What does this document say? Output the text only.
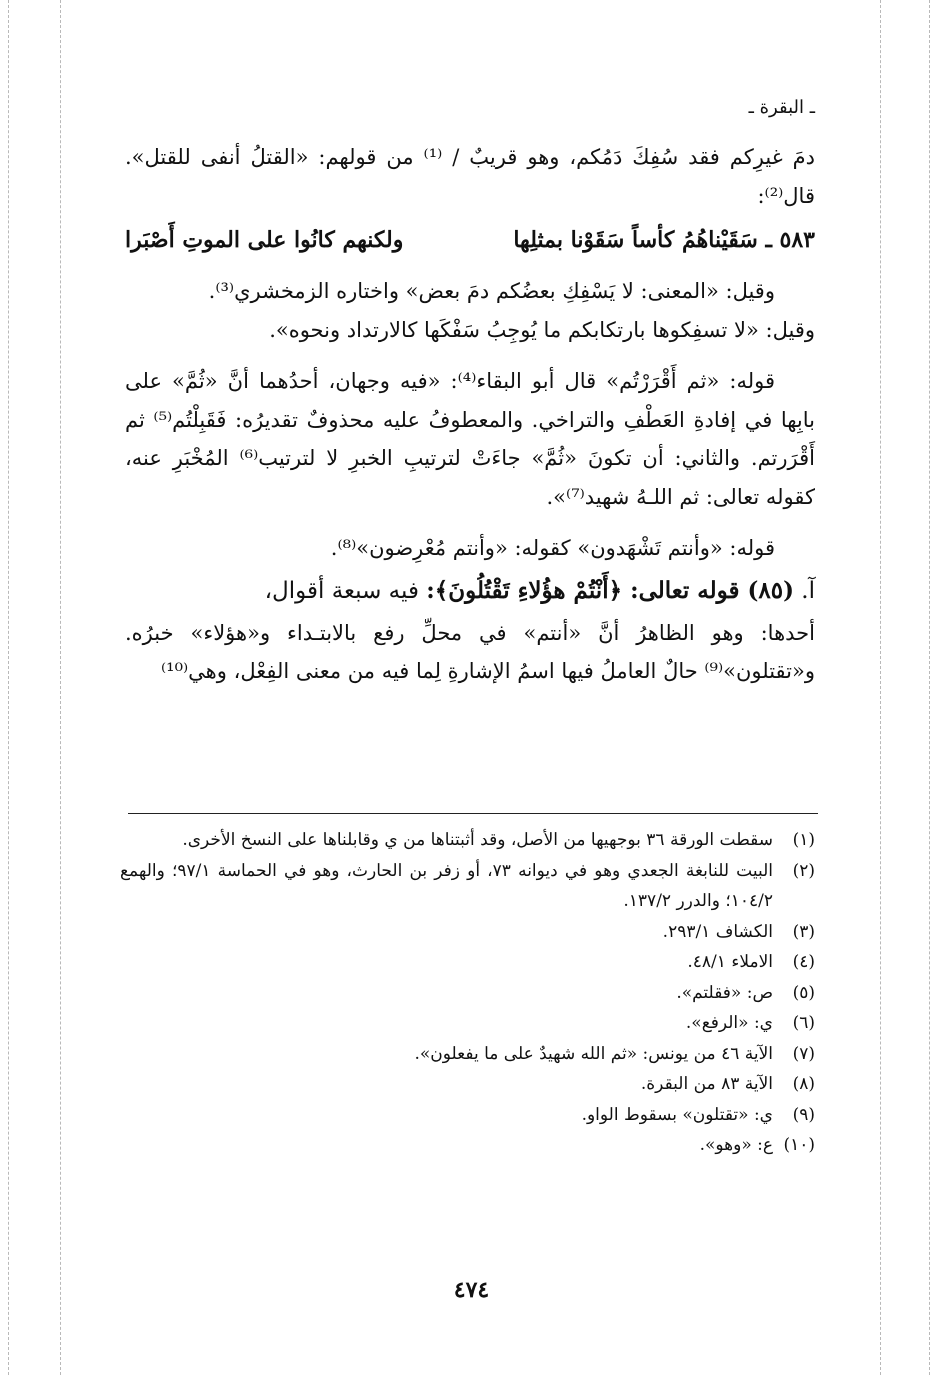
ـ البقرة ـ

دمَ غيرِكم فقد سُفِكَ دَمُكم، وهو قريبٌ / ⁽¹⁾ من قولهم: «القتلُ أنفى للقتل». قال⁽²⁾:

٥٨٣ ـ سَقَيْناهُمُ كأساً سَقَوْنا بمثلِها
ولكنهم كانُوا على الموتِ أَصْبَرا

وقيل: «المعنى: لا يَسْفِكِ بعضُكم دمَ بعض» واختاره الزمخشري⁽³⁾.

وقيل: «لا تسفِكوها بارتكابكم ما يُوجِبُ سَفْكَها كالارتداد ونحوه».

قوله: «ثم أَقْرَرْتُم» قال أبو البقاء⁽⁴⁾: «فيه وجهان، أحدُهما أنَّ «ثُمَّ» على بابِها في إفادةِ العَطْفِ والتراخي. والمعطوفُ عليه محذوفٌ تقديرُه: فَقَبِلْتُم⁽⁵⁾ ثم أَقْرَرتم. والثاني: أن تكونَ «ثُمَّ» جاءَتْ لترتيبِ الخبرِ لا لترتيب⁽⁶⁾ المُخْبَرِ عنه، كقوله تعالى: ثم اللـهُ شهيد⁽⁷⁾».

قوله: «وأنتم تَشْهَدون» كقوله: «وأنتم مُعْرِضون»⁽⁸⁾.

آ. (٨٥) قوله تعالى: ﴿أَنْتُمْ هؤُلاءِ تَقْتُلُونَ﴾: فيه سبعة أقوال،

أحدها: وهو الظاهرُ أنَّ «أنتم» في محلِّ رفع بالابتـداء و«هؤلاء» خبرُه. و«تقتلون»⁽⁹⁾ حالٌ العاملُ فيها اسمُ الإشارةِ لِما فيه من معنى الفِعْل، وهي⁽¹⁰⁾

(١)
سقطت الورقة ٣٦ بوجهيها من الأصل، وقد أثبتناها من ي وقابلناها على النسخ الأخرى.
(٢)
البيت للنابغة الجعدي وهو في ديوانه ٧٣، أو زفر بن الحارث، وهو في الحماسة ٩٧/١؛ والهمع ١٠٤/٢؛ والدرر ١٣٧/٢.
(٣)
الكشاف ٢٩٣/١.
(٤)
الاملاء ٤٨/١.
(٥)
ص: «فقلتم».
(٦)
ي: «الرفع».
(٧)
الآية ٤٦ من يونس: «ثم الله شهيدٌ على ما يفعلون».
(٨)
الآية ٨٣ من البقرة.
(٩)
ي: «تقتلون» بسقوط الواو.
(١٠)
ع: «وهو».
٤٧٤
